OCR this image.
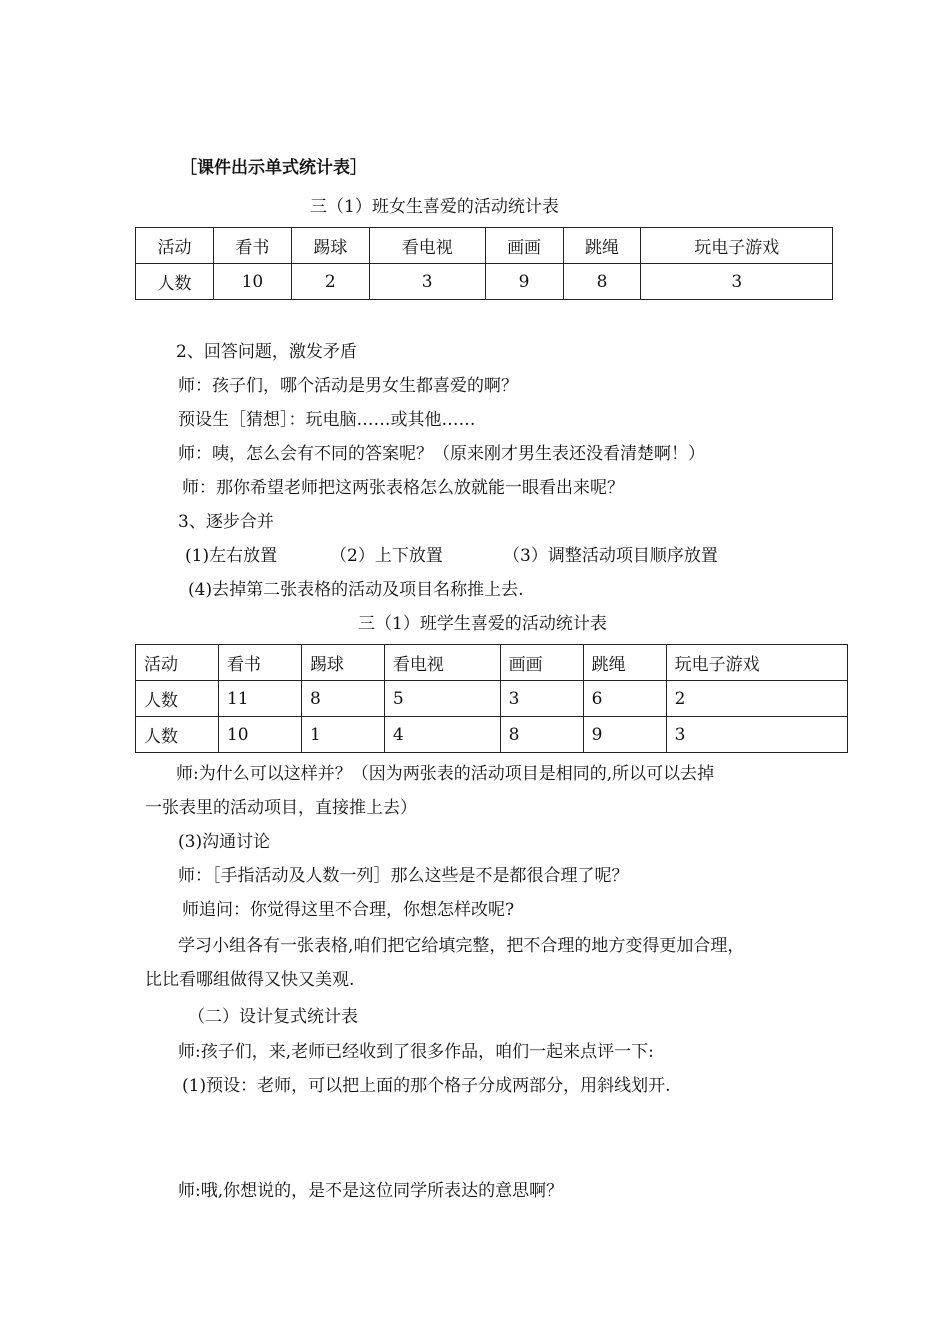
［课件出示单式统计表］
三（1）班女生喜爱的活动统计表
活动	看书	踢球	看电视	画画	跳绳	玩电子游戏
人数	10	2	3	9	8	3
2、回答问题，激发矛盾
师：孩子们，哪个活动是男女生都喜爱的啊？
预设生［猜想］：玩电脑……或其他……
师：咦，怎么会有不同的答案呢？（原来刚才男生表还没看清楚啊！）
师：那你希望老师把这两张表格怎么放就能一眼看出来呢？
3、逐步合并
(1)左右放置	（2）上下放置	（3）调整活动项目顺序放置
(4)去掉第二张表格的活动及项目名称推上去.
三（1）班学生喜爱的活动统计表
活动	看书	踢球	看电视	画画	跳绳	玩电子游戏
人数	11	8	5	3	6	2
人数	10	1	4	8	9	3
师:为什么可以这样并？（因为两张表的活动项目是相同的,所以可以去掉
一张表里的活动项目，直接推上去）
(3)沟通讨论
师：［手指活动及人数一列］那么这些是不是都很合理了呢？
师追问：你觉得这里不合理，你想怎样改呢?
学习小组各有一张表格,咱们把它给填完整，把不合理的地方变得更加合理，
比比看哪组做得又快又美观.
（二）设计复式统计表
师:孩子们，来,老师已经收到了很多作品，咱们一起来点评一下:
(1)预设：老师，可以把上面的那个格子分成两部分，用斜线划开.
师:哦,你想说的，是不是这位同学所表达的意思啊？
